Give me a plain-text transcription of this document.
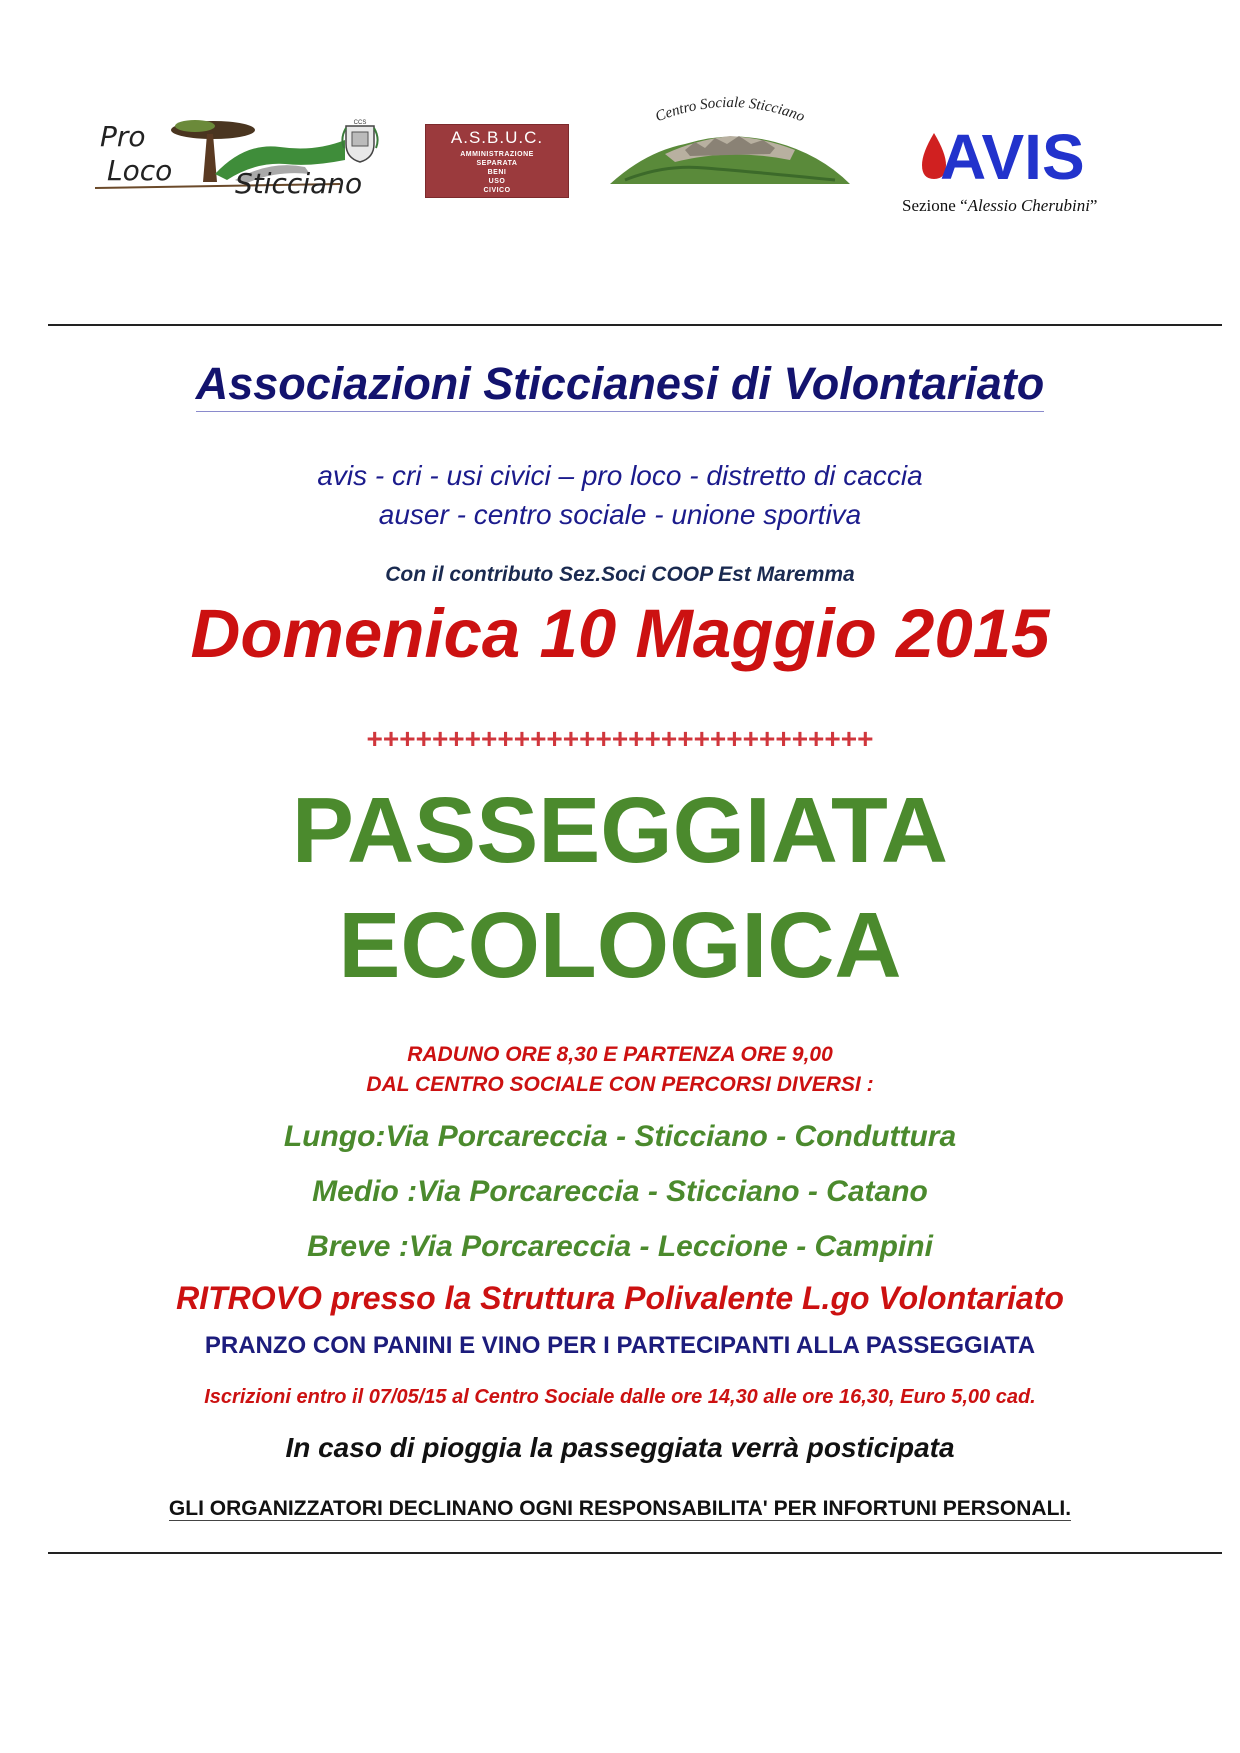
Pro
Loco Sticciano
CCS
A.S.B.U.C.
AMMINISTRAZIONE
SEPARATA
BENI
USO
CIVICO
Centro Sociale Sticciano
AVIS
Sezione “Alessio Cherubini”
Associazioni Sticcianesi di Volontariato
avis - cri - usi civici – pro loco - distretto di caccia
auser - centro sociale - unione sportiva
Con il contributo Sez.Soci COOP Est Maremma
Domenica 10 Maggio 2015
+++++++++++++++++++++++++++++++
PASSEGGIATA
ECOLOGICA
RADUNO ORE 8,30 E PARTENZA ORE 9,00
DAL CENTRO SOCIALE CON PERCORSI DIVERSI :
Lungo:Via Porcareccia - Sticciano - Conduttura
Medio :Via Porcareccia - Sticciano - Catano
Breve :Via Porcareccia - Leccione - Campini
RITROVO presso la Struttura Polivalente L.go Volontariato
PRANZO CON PANINI E VINO PER I PARTECIPANTI ALLA PASSEGGIATA
Iscrizioni entro il 07/05/15 al Centro Sociale dalle ore 14,30 alle ore 16,30, Euro 5,00 cad.
In caso di pioggia la passeggiata verrà posticipata
GLI ORGANIZZATORI DECLINANO OGNI RESPONSABILITA' PER INFORTUNI PERSONALI.
